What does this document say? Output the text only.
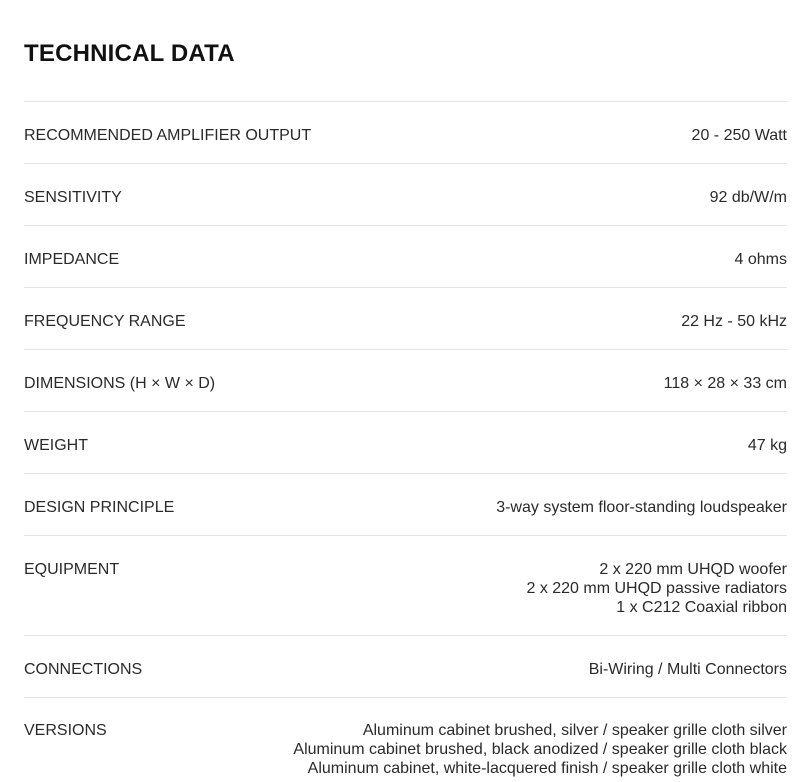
TECHNICAL DATA
RECOMMENDED AMPLIFIER OUTPUT	20 - 250 Watt
SENSITIVITY	92 db/W/m
IMPEDANCE	4 ohms
FREQUENCY RANGE	22 Hz - 50 kHz
DIMENSIONS (H × W × D)	118 × 28 × 33 cm
WEIGHT	47 kg
DESIGN PRINCIPLE	3-way system floor-standing loudspeaker
EQUIPMENT	2 x 220 mm UHQD woofer
2 x 220 mm UHQD passive radiators
1 x C212 Coaxial ribbon
CONNECTIONS	Bi-Wiring / Multi Connectors
VERSIONS	Aluminum cabinet brushed, silver / speaker grille cloth silver
Aluminum cabinet brushed, black anodized / speaker grille cloth black
Aluminum cabinet, white-lacquered finish / speaker grille cloth white
